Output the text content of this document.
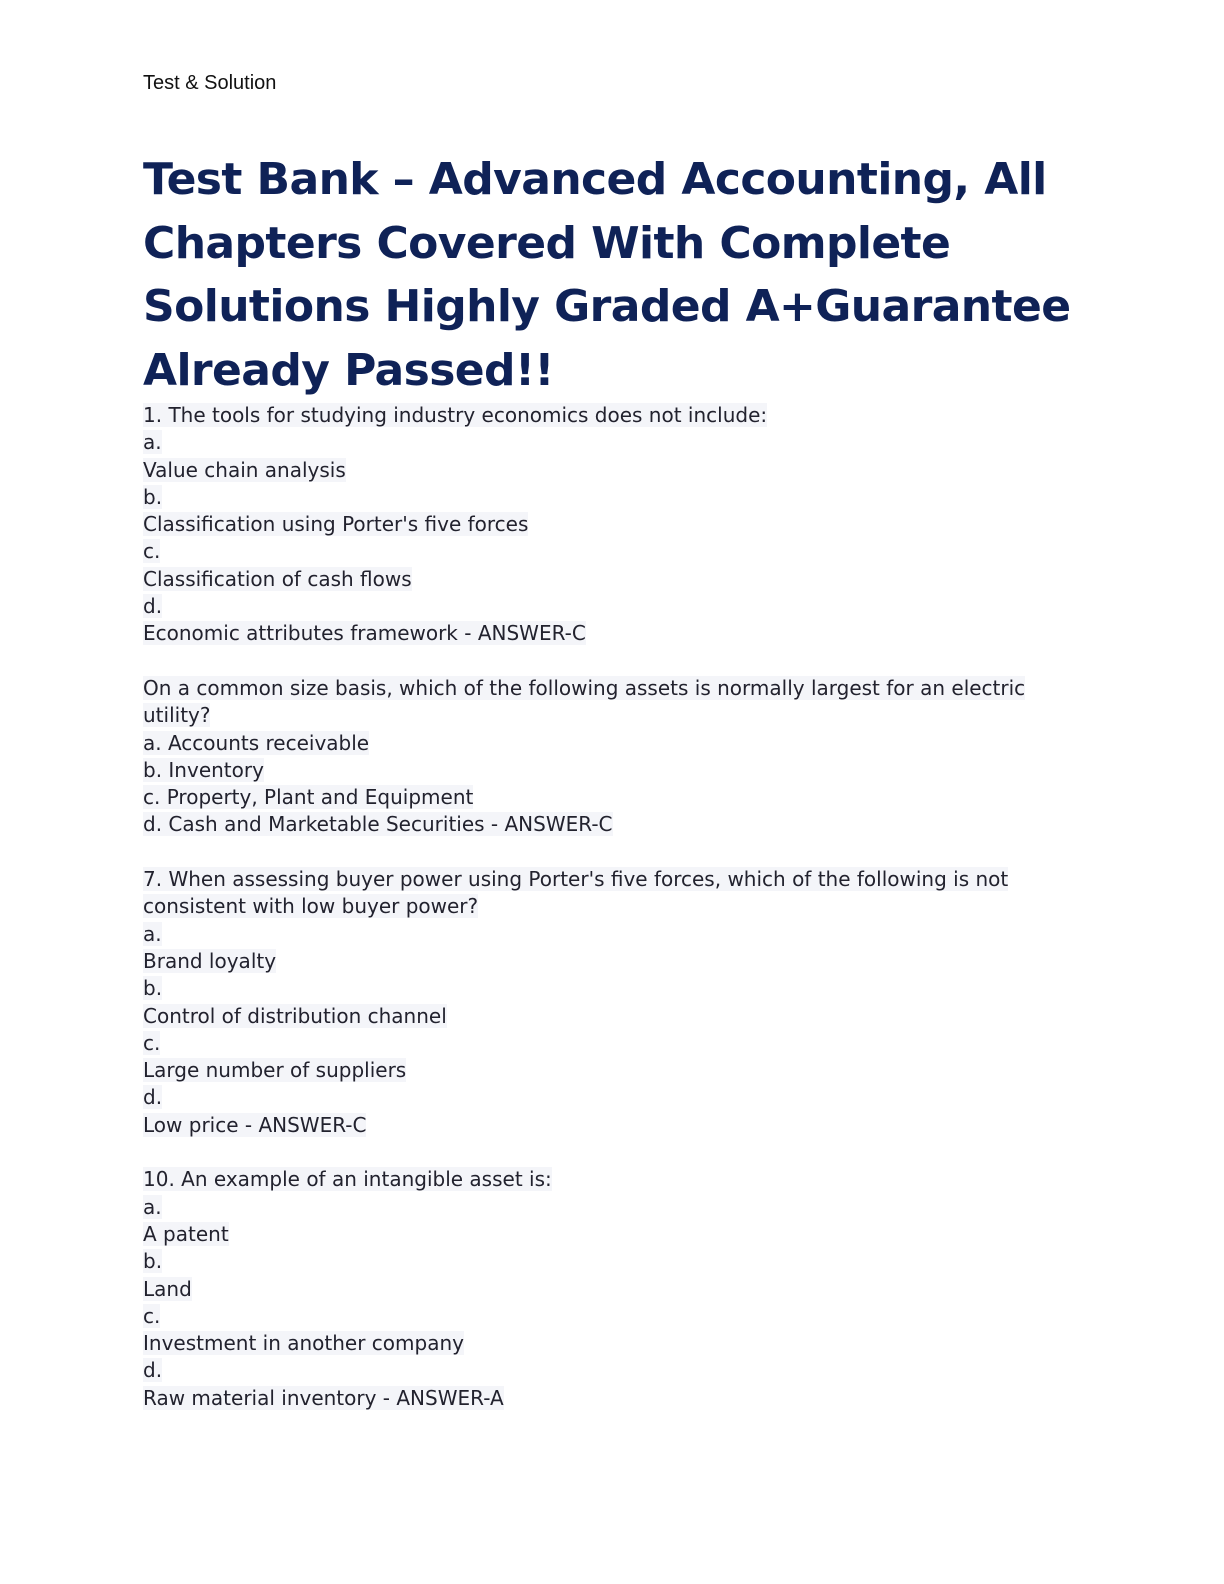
Test & Solution

Test Bank – Advanced Accounting, All Chapters Covered With Complete Solutions Highly Graded A+Guarantee Already Passed!!
1. The tools for studying industry economics does not include:
a.
Value chain analysis
b.
Classification using Porter's five forces
c.
Classification of cash flows
d.
Economic attributes framework - ANSWER-C
On a common size basis, which of the following assets is normally largest for an electric utility?
a. Accounts receivable
b. Inventory
c. Property, Plant and Equipment
d. Cash and Marketable Securities - ANSWER-C
7. When assessing buyer power using Porter's five forces, which of the following is not consistent with low buyer power?
a.
Brand loyalty
b.
Control of distribution channel
c.
Large number of suppliers
d.
Low price - ANSWER-C
10. An example of an intangible asset is:
a.
A patent
b.
Land
c.
Investment in another company
d.
Raw material inventory - ANSWER-A
